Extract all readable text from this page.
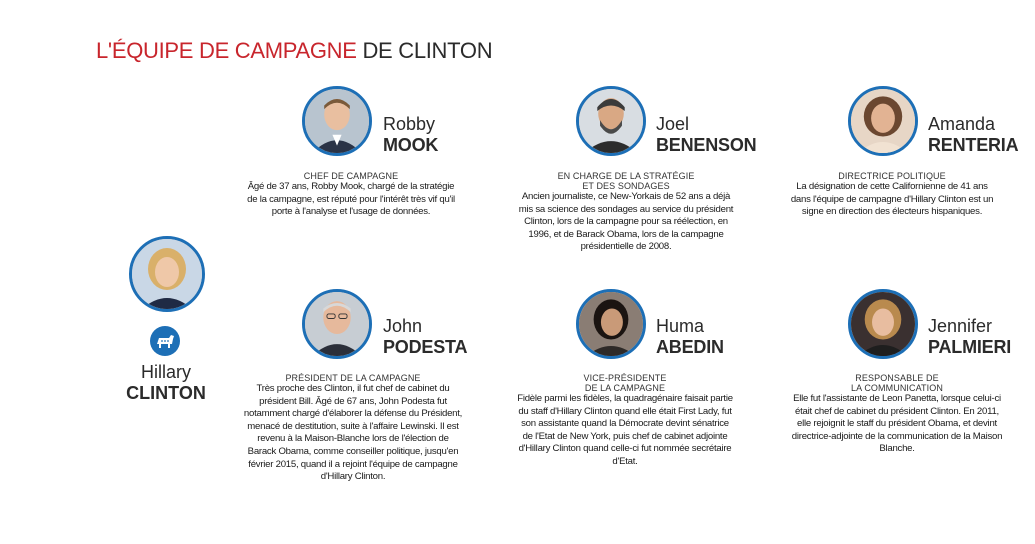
L'ÉQUIPE DE CAMPAGNE DE CLINTON
Hillary
CLINTON
Robby
MOOK
CHEF DE CAMPAGNE
Âgé de 37 ans, Robby Mook, chargé de la stratégie de la campagne, est réputé pour l'intérêt très vif qu'il porte à l'analyse et l'usage de données.
Joel
BENENSON
EN CHARGE DE LA STRATÉGIE
ET DES SONDAGES
Ancien journaliste, ce New-Yorkais de 52 ans a déjà mis sa science des sondages au service du président Clinton, lors de la campagne pour sa réélection, en 1996, et de Barack Obama, lors de la campagne présidentielle de 2008.
Amanda
RENTERIA
DIRECTRICE POLITIQUE
La désignation de cette Californienne de 41 ans dans l'équipe de campagne d'Hillary Clinton est un signe en direction des électeurs hispaniques.
John
PODESTA
PRÉSIDENT DE LA CAMPAGNE
Très proche des Clinton, il fut chef de cabinet du président Bill. Âgé de 67 ans, John Podesta fut notamment chargé d'élaborer la défense du Président, menacé de destitution, suite à l'affaire Lewinski. Il est revenu à la Maison-Blanche lors de l'élection de Barack Obama, comme conseiller politique, jusqu'en février 2015, quand il a rejoint l'équipe de campagne d'Hillary Clinton.
Huma
ABEDIN
VICE-PRÉSIDENTE
DE LA CAMPAGNE
Fidèle parmi les fidèles, la quadragénaire faisait partie du staff d'Hillary Clinton quand elle était First Lady, fut son assistante quand la Démocrate devint sénatrice de l'Etat de New York, puis chef de cabinet adjointe d'Hillary Clinton quand celle-ci fut nommée secrétaire d'Etat.
Jennifer
PALMIERI
RESPONSABLE DE
LA COMMUNICATION
Elle fut l'assistante de Leon Panetta, lorsque celui-ci était chef de cabinet du président Clinton. En 2011, elle rejoignit le staff du président Obama, et devint directrice-adjointe de la communication de la Maison Blanche.
